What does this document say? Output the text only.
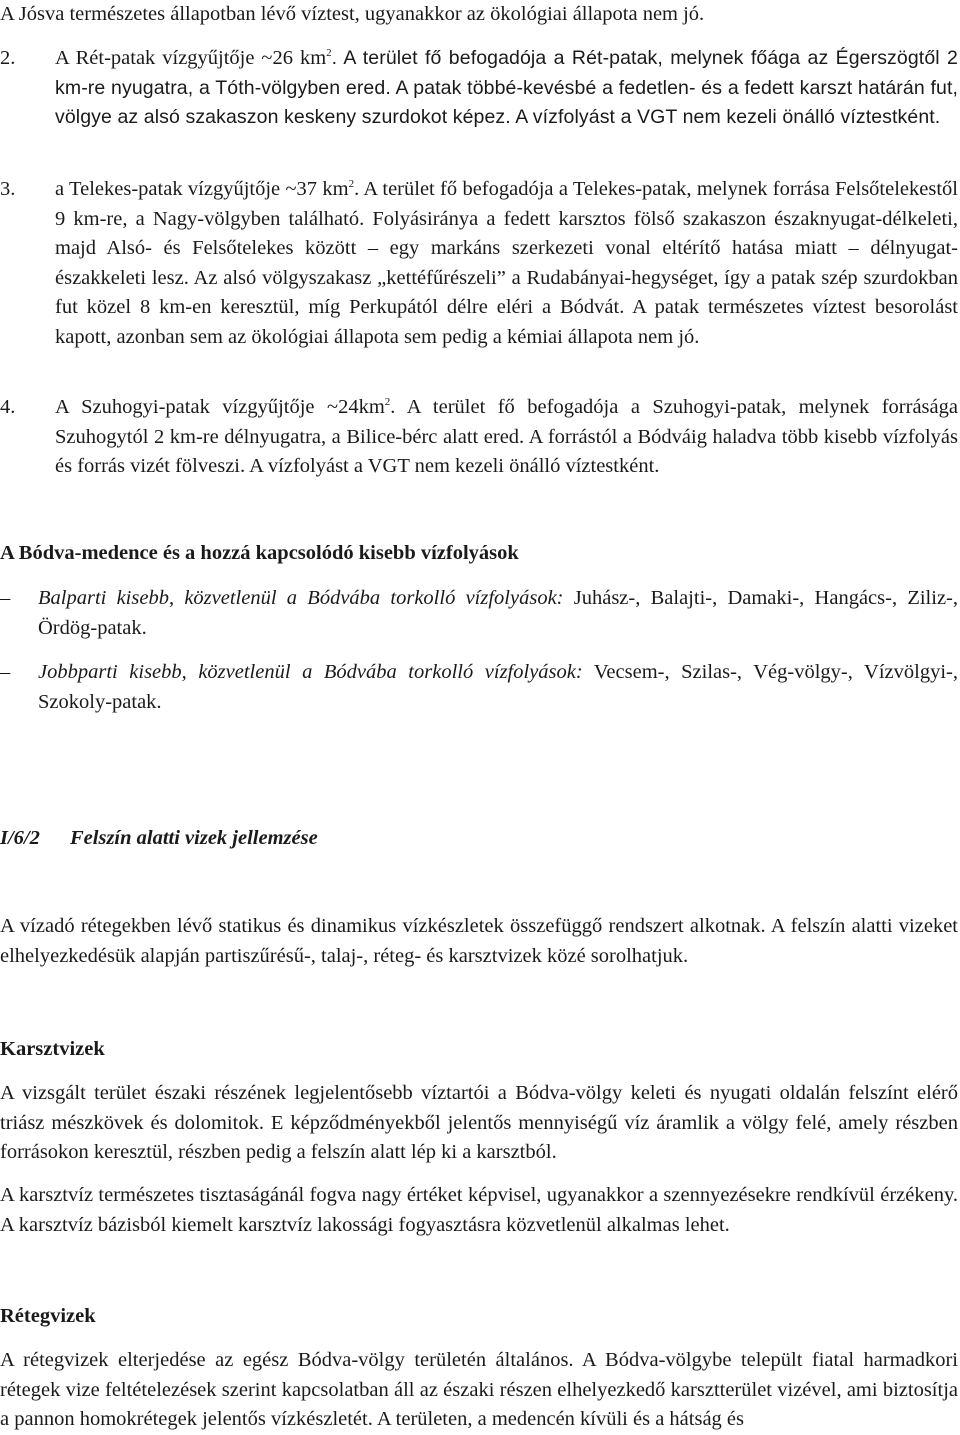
A Jósva természetes állapotban lévő víztest, ugyanakkor az ökológiai állapota nem jó.
2. A Rét-patak vízgyűjtője ~26 $km^2$. A terület fő befogadója a Rét-patak, melynek főága az Égerszögtől 2 km-re nyugatra, a Tóth-völgyben ered. A patak többé-kevésbé a fedetlen- és a fedett karszt határán fut, völgye az alsó szakaszon keskeny szurdokot képez. A vízfolyást a VGT nem kezeli önálló víztestként.
3. a Telekes-patak vízgyűjtője ~37 $km^2$. A terület fő befogadója a Telekes-patak, melynek forrása Felsőtelekestől 9 km-re, a Nagy-völgyben található. Folyásiránya a fedett karsztos fölső szakaszon északnyugat-délkeleti, majd Alsó- és Felsőtelekes között – egy markáns szerkezeti vonal eltérítő hatása miatt – délnyugat-északkeleti lesz. Az alsó völgyszakasz „kettéfűrészeli” a Rudabányai-hegységet, így a patak szép szurdokban fut közel 8 km-en keresztül, míg Perkupától délre eléri a Bódvát. A patak természetes víztest besorolást kapott, azonban sem az ökológiai állapota sem pedig a kémiai állapota nem jó.
4. A Szuhogyi-patak vízgyűjtője $\sim 24km^2$. A terület fő befogadója a Szuhogyi-patak, melynek forrásága Szuhogytól 2 km-re délnyugatra, a Bilice-bérc alatt ered. A forrástól a Bódváig haladva több kisebb vízfolyás és forrás vizét fölveszi. A vízfolyást a VGT nem kezeli önálló víztestként.
A Bódva-medence és a hozzá kapcsolódó kisebb vízfolyások
– Balparti kisebb, közvetlenül a Bódvába torkolló vízfolyások: Juhász-, Balajti-, Damaki-, Hangács-, Ziliz-, Ördög-patak.
– Jobbparti kisebb, közvetlenül a Bódvába torkolló vízfolyások: Vecsem-, Szilas-, Vég-völgy-, Vízvölgyi-, Szokoly-patak.
I/6/2 Felszín alatti vizek jellemzése
A vízadó rétegekben lévő statikus és dinamikus vízkészletek összefüggő rendszert alkotnak. A felszín alatti vizeket elhelyezkedésük alapján partiszűrésű-, talaj-, réteg- és karsztvizek közé sorolhatjuk.
Karsztvizek
A vizsgált terület északi részének legjelentősebb víztartói a Bódva-völgy keleti és nyugati oldalán felszínt elérő triász mészkövek és dolomitok. E képződményekből jelentős mennyiségű víz áramlik a völgy felé, amely részben forrásokon keresztül, részben pedig a felszín alatt lép ki a karsztból.
A karsztvíz természetes tisztaságánál fogva nagy értéket képvisel, ugyanakkor a szennyezésekre rendkívül érzékeny. A karsztvíz bázisból kiemelt karsztvíz lakossági fogyasztásra közvetlenül alkalmas lehet.
Rétegvizek
A rétegvizek elterjedése az egész Bódva-völgy területén általános. A Bódva-völgybe települt fiatal harmadkori rétegek vize feltételezések szerint kapcsolatban áll az északi részen elhelyezkedő karsztterület vizével, ami biztosítja a pannon homokrétegek jelentős vízkészletét. A területen, a medencén kívüli és a hátság és
